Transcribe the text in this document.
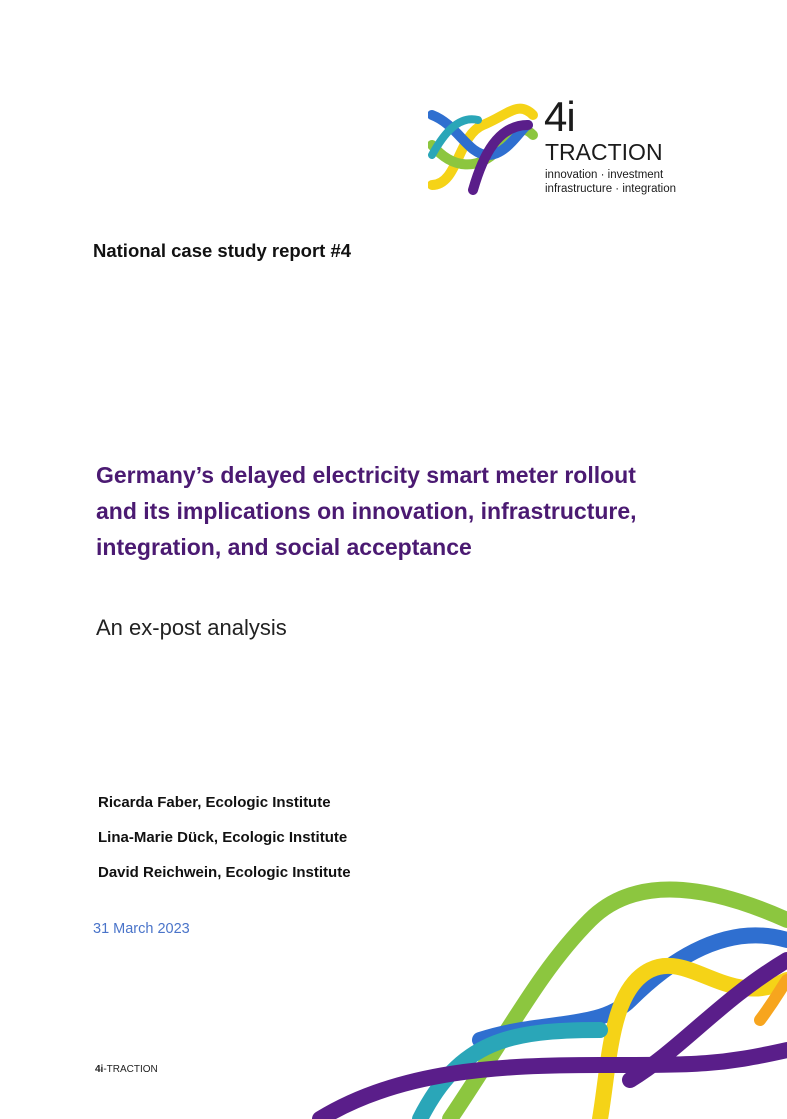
4i
TRACTION
innovation · investment
infrastructure · integration
National case study report #4
Germany’s delayed electricity smart meter rollout and its implications on innovation, infrastructure, integration, and social acceptance
An ex-post analysis
Ricarda Faber, Ecologic Institute
Lina-Marie Dück, Ecologic Institute
David Reichwein, Ecologic Institute
31 March 2023
4i-TRACTION
